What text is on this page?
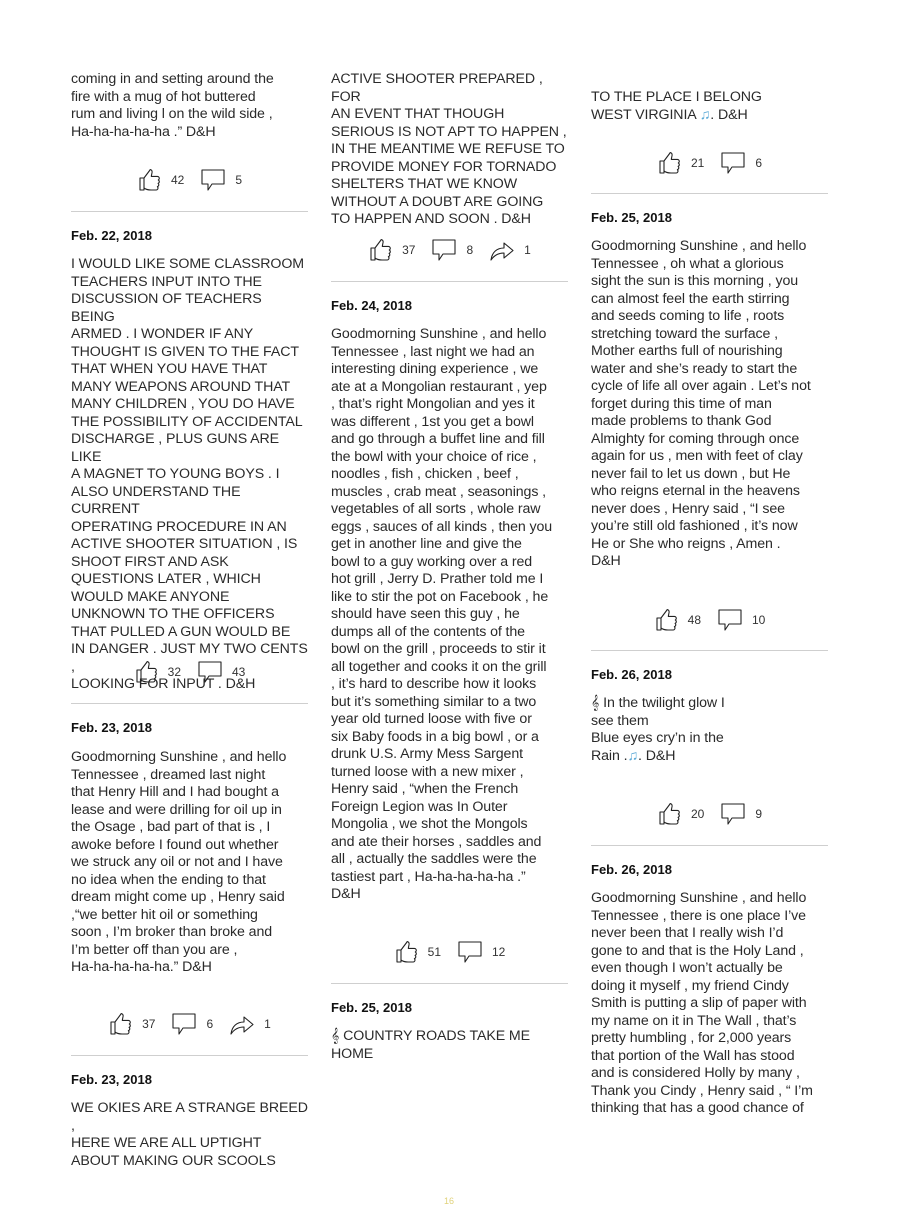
coming in and setting around the
fire with a mug of hot buttered
rum and living l on the wild side ,
Ha-ha-ha-ha-ha .” D&H

42	5
Feb. 22, 2018

I WOULD LIKE SOME CLASSROOM
TEACHERS INPUT INTO THE
DISCUSSION OF TEACHERS BEING
ARMED . I WONDER IF ANY
THOUGHT IS GIVEN TO THE FACT
THAT WHEN YOU HAVE THAT
MANY WEAPONS AROUND THAT
MANY CHILDREN , YOU DO HAVE
THE POSSIBILITY OF ACCIDENTAL
DISCHARGE , PLUS GUNS ARE LIKE
A MAGNET TO YOUNG BOYS . I
ALSO UNDERSTAND THE CURRENT
OPERATING PROCEDURE IN AN
ACTIVE SHOOTER SITUATION , IS
SHOOT FIRST AND ASK
QUESTIONS LATER , WHICH
WOULD MAKE ANYONE
UNKNOWN TO THE OFFICERS
THAT PULLED A GUN WOULD BE
IN DANGER . JUST MY TWO CENTS ,
LOOKING FOR INPUT . D&H

32	43
Feb. 23, 2018

Goodmorning Sunshine , and hello
Tennessee , dreamed last night
that Henry Hill and I had bought a
lease and were drilling for oil up in
the Osage , bad part of that is , I
awoke before I found out whether
we struck any oil or not and I have
no idea when the ending to that
dream might come up , Henry said
,“we better hit oil or something
soon , I’m broker than broke and
I’m better off than you are ,
Ha-ha-ha-ha-ha.” D&H

37	6	1
Feb. 23, 2018

WE OKIES ARE A STRANGE BREED ,
HERE WE ARE ALL UPTIGHT
ABOUT MAKING OUR SCOOLS

ACTIVE SHOOTER PREPARED , FOR
AN EVENT THAT THOUGH
SERIOUS IS NOT APT TO HAPPEN ,
IN THE MEANTIME WE REFUSE TO
PROVIDE MONEY FOR TORNADO
SHELTERS THAT WE KNOW
WITHOUT A DOUBT ARE GOING
TO HAPPEN AND SOON . D&H

37	8	1
Feb. 24, 2018

Goodmorning Sunshine , and hello
Tennessee , last night we had an
interesting dining experience , we
ate at a Mongolian restaurant , yep
, that’s right Mongolian and yes it
was different , 1st you get a bowl
and go through a buffet line and fill
the bowl with your choice of rice ,
noodles , fish , chicken , beef ,
muscles , crab meat , seasonings ,
vegetables of all sorts , whole raw
eggs , sauces of all kinds , then you
get in another line and give the
bowl to a guy working over a red
hot grill , Jerry D. Prather told me I
like to stir the pot on Facebook , he
should have seen this guy , he
dumps all of the contents of the
bowl on the grill , proceeds to stir it
all together and cooks it on the grill
, it’s hard to describe how it looks
but it’s something similar to a two
year old turned loose with five or
six Baby foods in a big bowl , or a
drunk U.S. Army Mess Sargent
turned loose with a new mixer ,
Henry said , “when the French
Foreign Legion was In Outer
Mongolia , we shot the Mongols
and ate their horses , saddles and
all , actually the saddles were the
tastiest part , Ha-ha-ha-ha-ha .”
D&H

51	12
Feb. 25, 2018

𝄞 COUNTRY ROADS TAKE ME
HOME

TO THE PLACE I BELONG
WEST VIRGINIA ♫. D&H

21	6
Feb. 25, 2018

Goodmorning Sunshine , and hello
Tennessee , oh what a glorious
sight the sun is this morning , you
can almost feel the earth stirring
and seeds coming to life , roots
stretching toward the surface ,
Mother earths full of nourishing
water and she’s ready to start the
cycle of life all over again . Let’s not
forget during this time of man
made problems to thank God
Almighty for coming through once
again for us , men with feet of clay
never fail to let us down , but He
who reigns eternal in the heavens
never does , Henry said , “I see
you’re still old fashioned , it’s now
He or She who reigns , Amen .
D&H

48	10
Feb. 26, 2018

𝄞 In the twilight glow I
see them
Blue eyes cry’n in the
Rain .♫. D&H

20	9
Feb. 26, 2018

Goodmorning Sunshine , and hello
Tennessee , there is one place I’ve
never been that I really wish I’d
gone to and that is the Holy Land ,
even though I won’t actually be
doing it myself , my friend Cindy
Smith is putting a slip of paper with
my name on it in The Wall , that’s
pretty humbling , for 2,000 years
that portion of the Wall has stood
and is considered Holly by many ,
Thank you Cindy , Henry said , “ I’m
thinking that has a good chance of

16
